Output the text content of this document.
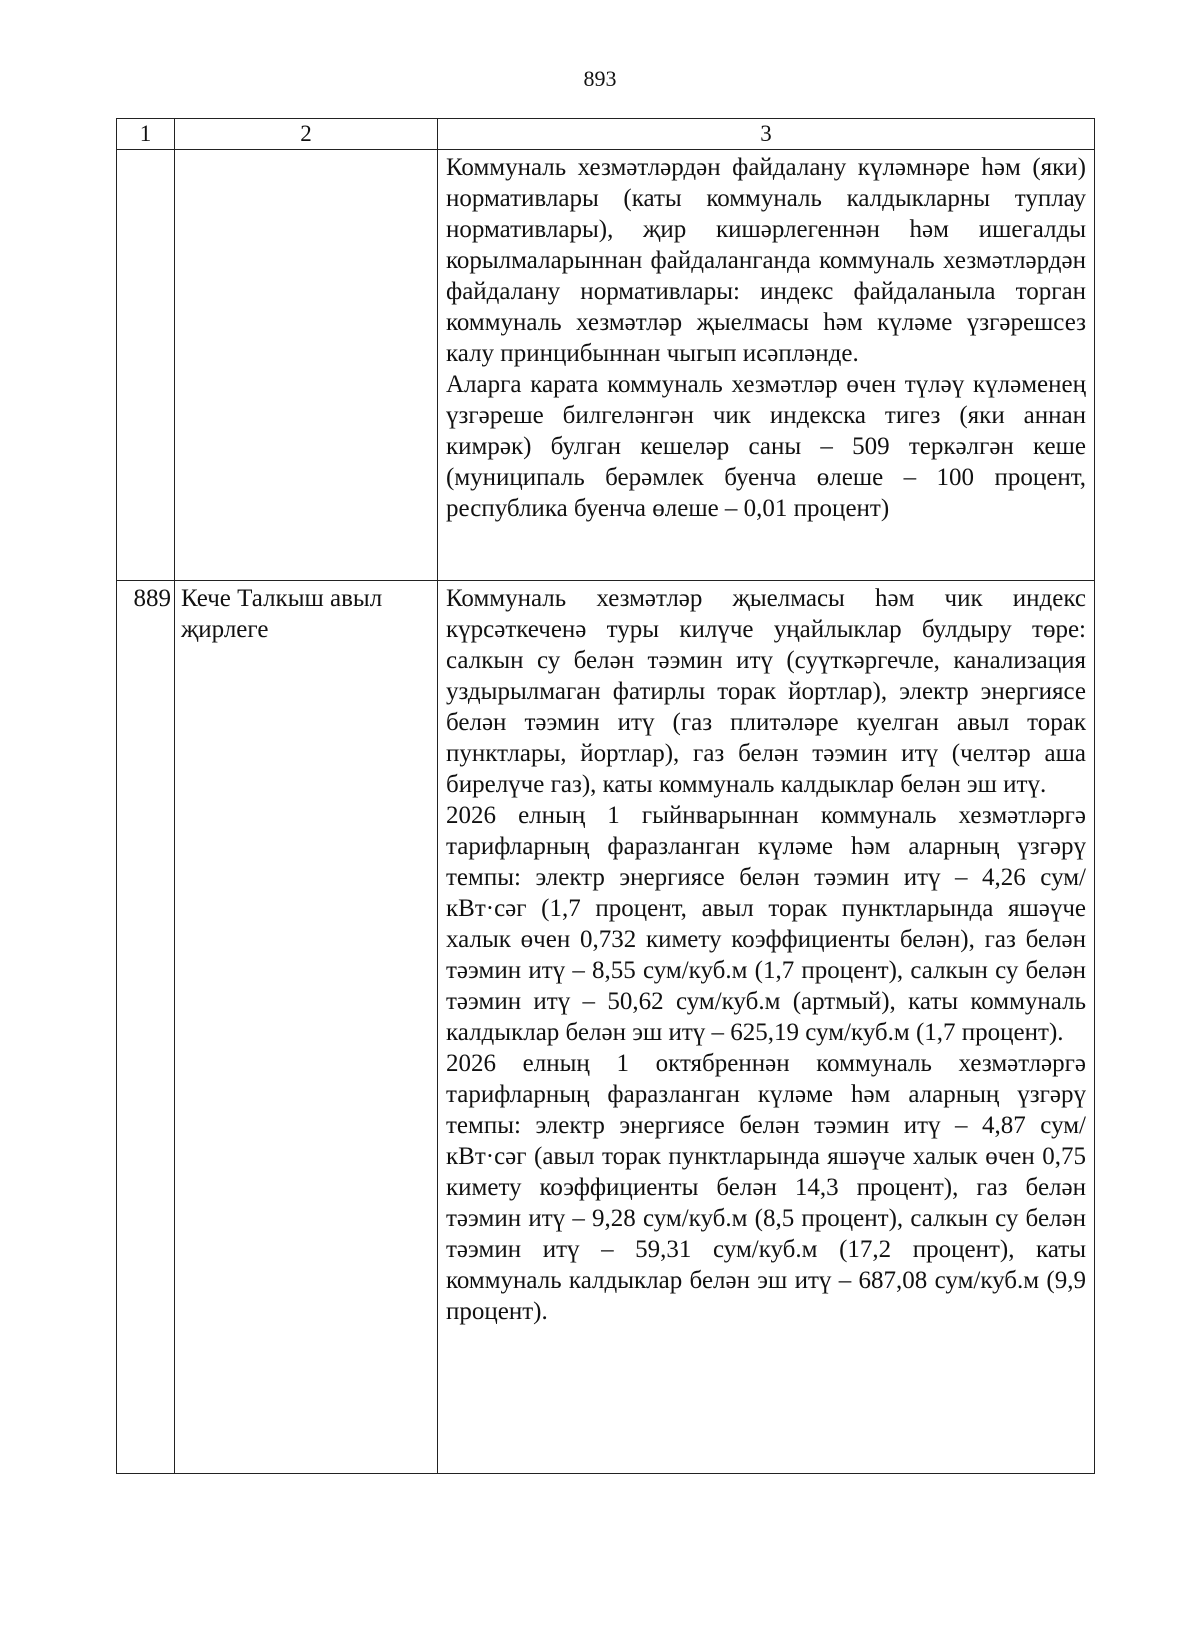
893
1	2	3

		Коммуналь хезмәтләрдән файдалану күләмнәре һәм (яки) нормативлары (каты коммуналь калдыкларны туплау нормативлары), җир кишәрлегеннән һәм ишегалды корылмаларыннан файдаланганда коммуналь хезмәтләрдән файдалану нормативлары: индекс файдаланыла торган коммуналь хезмәтләр җыелмасы һәм күләме үзгәрешсез калу принцибыннан чыгып исәпләнде.

Аларга карата коммуналь хезмәтләр өчен түләү күләменең үзгәреше билгеләнгән чик индекска тигез (яки аннан кимрәк) булган кешеләр саны – 509 теркәлгән кеше (муниципаль берәмлек буенча өлеше – 100 процент, республика буенча өлеше – 0,01 процент)

889	Кече Талкыш авыл җирлеге	Коммуналь хезмәтләр җыелмасы һәм чик индекс күрсәткеченә туры килүче уңайлыклар булдыру төре: салкын су белән тәэмин итү (суүткәргечле, канализация уздырылмаган фатирлы торак йортлар), электр энергиясе белән тәэмин итү (газ плитәләре куелган авыл торак пунктлары, йортлар), газ белән тәэмин итү (челтәр аша бирелүче газ), каты коммуналь калдыклар белән эш итү.

2026 елның 1 гыйнварыннан коммуналь хезмәтләргә тарифларның фаразланган күләме һәм аларның үзгәрү темпы: электр энергиясе белән тәэмин итү – 4,26 сум/кВт·сәг (1,7 процент, авыл торак пунктларында яшәүче халык өчен 0,732 кимету коэффициенты белән), газ белән тәэмин итү – 8,55 сум/куб.м (1,7 процент), салкын су белән тәэмин итү – 50,62 сум/куб.м (артмый), каты коммуналь калдыклар белән эш итү – 625,19 сум/куб.м (1,7 процент).

2026 елның 1 октябреннән коммуналь хезмәтләргә тарифларның фаразланган күләме һәм аларның үзгәрү темпы: электр энергиясе белән тәэмин итү – 4,87 сум/кВт·сәг (авыл торак пунктларында яшәүче халык өчен 0,75 кимету коэффициенты белән 14,3 процент), газ белән тәэмин итү – 9,28 сум/куб.м (8,5 процент), салкын су белән тәэмин итү – 59,31 сум/куб.м (17,2 процент), каты коммуналь калдыклар белән эш итү – 687,08 сум/куб.м (9,9 процент).
